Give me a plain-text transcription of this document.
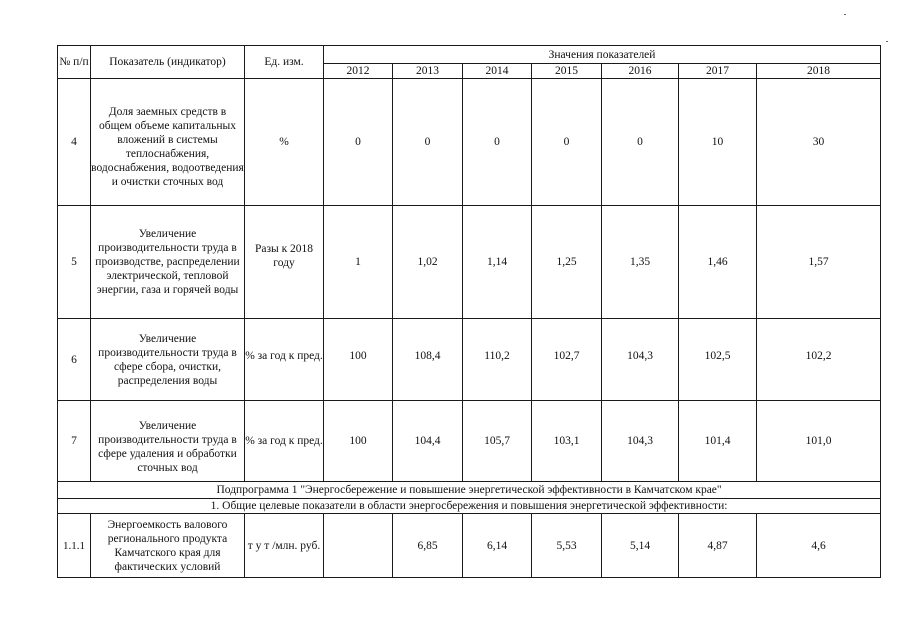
№ п/п	Показатель (индикатор)	Ед. изм.	Значения показателей						
			2012	2013	2014	2015	2016	2017	2018
4	Доля заемных средств в общем объеме капитальных вложений в системы теплоснабжения, водоснабжения, водоотведения и очистки сточных вод	%	0	0	0	0	0	10	30
5	Увеличение производительности труда в производстве, распределении электрической, тепловой энергии, газа и горячей воды	Разы к 2018 году	1	1,02	1,14	1,25	1,35	1,46	1,57
6	Увеличение производительности труда в сфере сбора, очистки, распределения воды	% за год к пред.	100	108,4	110,2	102,7	104,3	102,5	102,2
7	Увеличение производительности труда в сфере удаления и обработки сточных вод	% за год к пред.	100	104,4	105,7	103,1	104,3	101,4	101,0
Подпрограмма 1 "Энергосбережение и повышение энергетической эффективности в Камчатском крае"									
1. Общие целевые показатели в области энергосбережения и повышения энергетической эффективности:									
1.1.1	Энергоемкость валового регионального продукта Камчатского края для фактических условий	т у т /млн. руб.		6,85	6,14	5,53	5,14	4,87	4,6
